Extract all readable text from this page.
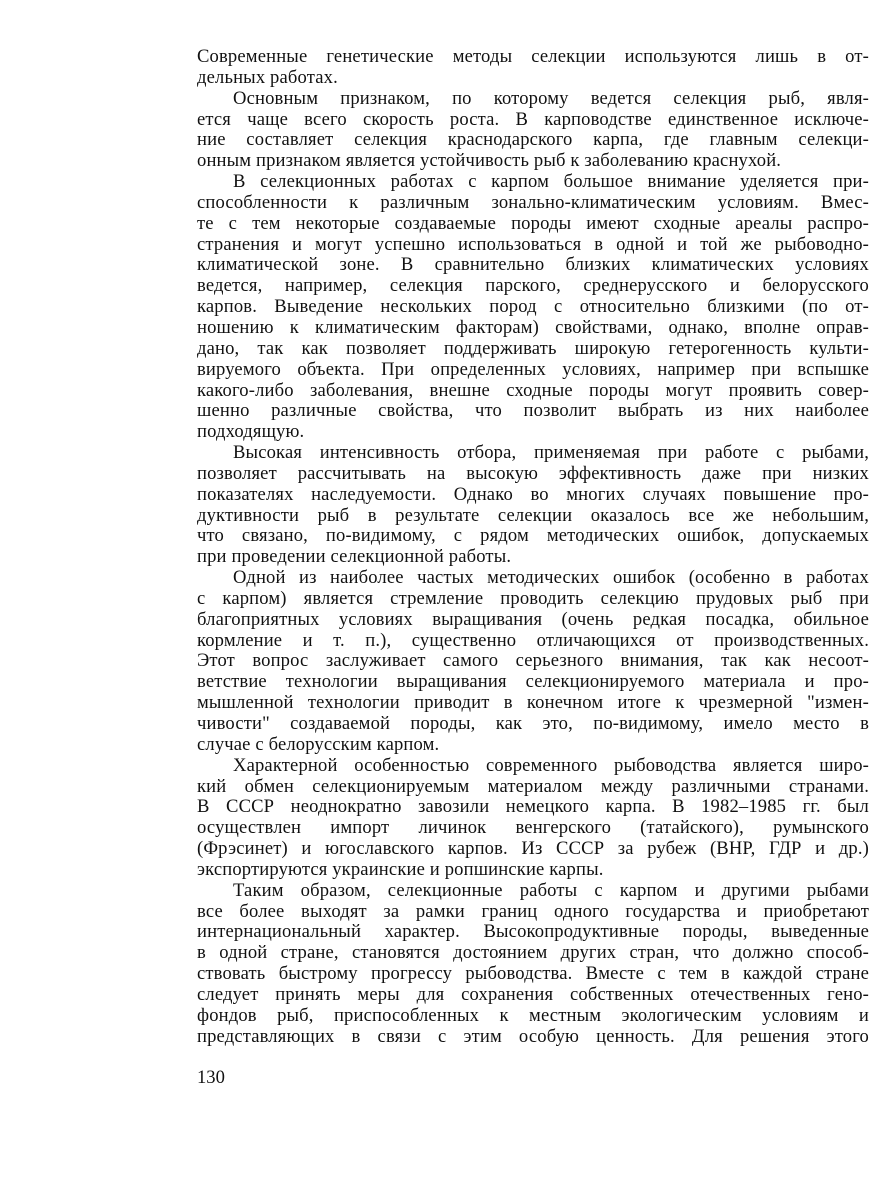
Современные генетические методы селекции используются лишь в от-
дельных работах.
Основным признаком, по которому ведется селекция рыб, явля-
ется чаще всего скорость роста. В карповодстве единственное исключе-
ние составляет селекция краснодарского карпа, где главным селекци-
онным признаком является устойчивость рыб к заболеванию краснухой.
В селекционных работах с карпом большое внимание уделяется при-
способленности к различным зонально-климатическим условиям. Вмес-
те с тем некоторые создаваемые породы имеют сходные ареалы распро-
странения и могут успешно использоваться в одной и той же рыбоводно-
климатической зоне. В сравнительно близких климатических условиях
ведется, например, селекция парского, среднерусского и белорусского
карпов. Выведение нескольких пород с относительно близкими (по от-
ношению к климатическим факторам) свойствами, однако, вполне оправ-
дано, так как позволяет поддерживать широкую гетерогенность культи-
вируемого объекта. При определенных условиях, например при вспышке
какого-либо заболевания, внешне сходные породы могут проявить совер-
шенно различные свойства, что позволит выбрать из них наиболее
подходящую.
Высокая интенсивность отбора, применяемая при работе с рыбами,
позволяет рассчитывать на высокую эффективность даже при низких
показателях наследуемости. Однако во многих случаях повышение про-
дуктивности рыб в результате селекции оказалось все же небольшим,
что связано, по-видимому, с рядом методических ошибок, допускаемых
при проведении селекционной работы.
Одной из наиболее частых методических ошибок (особенно в работах
с карпом) является стремление проводить селекцию прудовых рыб при
благоприятных условиях выращивания (очень редкая посадка, обильное
кормление и т. п.), существенно отличающихся от производственных.
Этот вопрос заслуживает самого серьезного внимания, так как несоот-
ветствие технологии выращивания селекционируемого материала и про-
мышленной технологии приводит в конечном итоге к чрезмерной "измен-
чивости" создаваемой породы, как это, по-видимому, имело место в
случае с белорусским карпом.
Характерной особенностью современного рыбоводства является широ-
кий обмен селекционируемым материалом между различными странами.
В СССР неоднократно завозили немецкого карпа. В 1982–1985 гг. был
осуществлен импорт личинок венгерского (татайского), румынского
(Фрэсинет) и югославского карпов. Из СССР за рубеж (ВНР, ГДР и др.)
экспортируются украинские и ропшинские карпы.
Таким образом, селекционные работы с карпом и другими рыбами
все более выходят за рамки границ одного государства и приобретают
интернациональный характер. Высокопродуктивные породы, выведенные
в одной стране, становятся достоянием других стран, что должно способ-
ствовать быстрому прогрессу рыбоводства. Вместе с тем в каждой стране
следует принять меры для сохранения собственных отечественных гено-
фондов рыб, приспособленных к местным экологическим условиям и
представляющих в связи с этим особую ценность. Для решения этого
130
